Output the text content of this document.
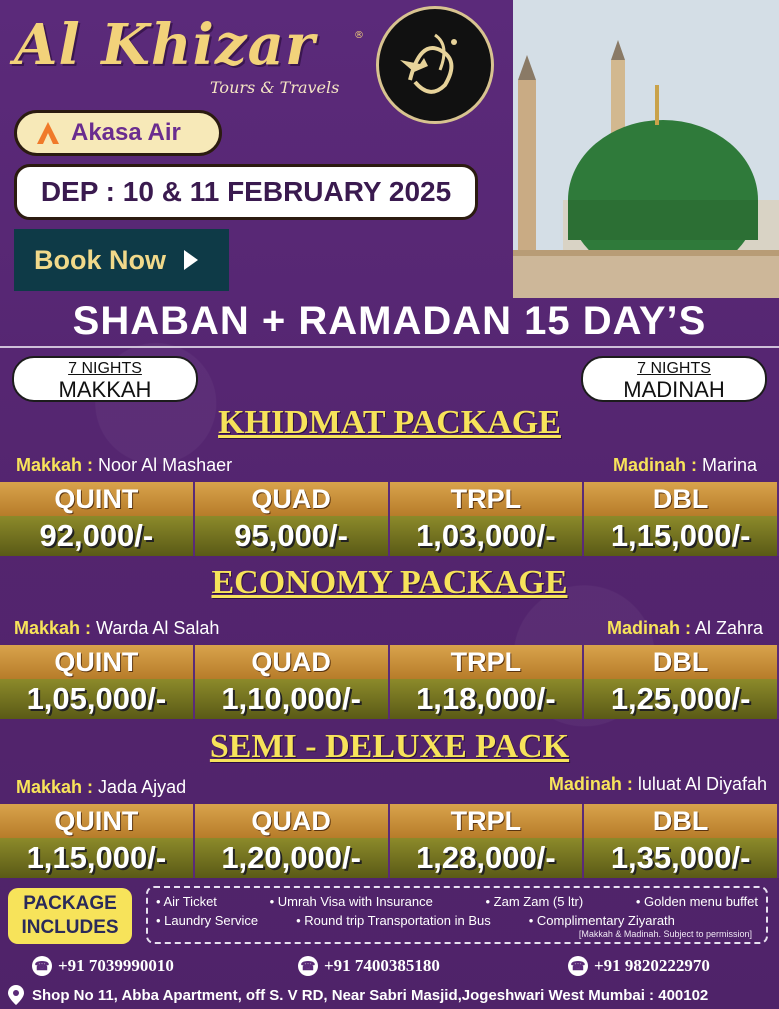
Al Khizar	®
Tours & Travels
Akasa Air
DEP : 10 & 11 FEBRUARY 2025
Book Now
SHABAN + RAMADAN 15 DAY’S
7 NIGHTS
MAKKAH
7 NIGHTS
MADINAH
KHIDMAT PACKAGE
Makkah : Noor Al Mashaer	Madinah : Marina
QUINT	QUAD	TRPL	DBL
92,000/-	95,000/-	1,03,000/-	1,15,000/-
ECONOMY PACKAGE
Makkah : Warda Al Salah	Madinah : Al Zahra
QUINT	QUAD	TRPL	DBL
1,05,000/-	1,10,000/-	1,18,000/-	1,25,000/-
SEMI - DELUXE PACK
Makkah : Jada Ajyad	Madinah : luluat Al Diyafah
QUINT	QUAD	TRPL	DBL
1,15,000/-	1,20,000/-	1,28,000/-	1,35,000/-
PACKAGE
INCLUDES
• Air Ticket	• Umrah Visa with Insurance	• Zam Zam (5 ltr)	• Golden menu buffet
• Laundry Service	• Round trip Transportation in Bus	• Complimentary Ziyarath
[Makkah & Madinah. Subject to permission]
☎ +91 7039990010	☎ +91 7400385180	☎ +91 9820222970
Shop No 11, Abba Apartment, off S. V RD, Near Sabri Masjid,Jogeshwari West Mumbai : 400102
